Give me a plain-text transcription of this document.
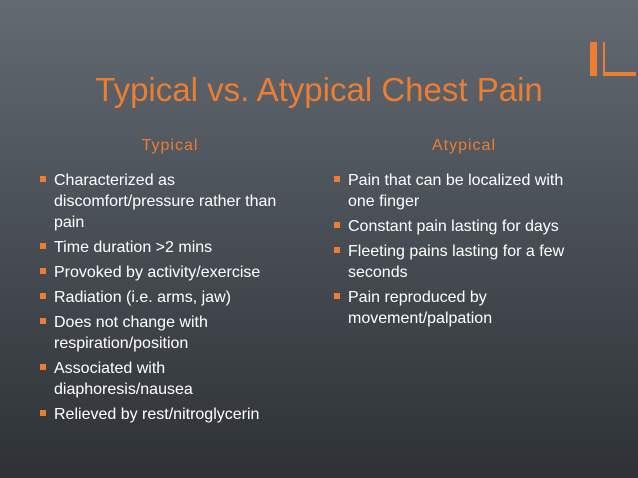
Typical vs. Atypical Chest Pain
Typical	Atypical
Characterized as discomfort/pressure rather than pain
Time duration >2 mins
Provoked by activity/exercise
Radiation (i.e. arms, jaw)
Does not change with respiration/position
Associated with diaphoresis/nausea
Relieved by rest/nitroglycerin
Pain that can be localized with one finger
Constant pain lasting for days
Fleeting pains lasting for a few seconds
Pain reproduced by movement/palpation
